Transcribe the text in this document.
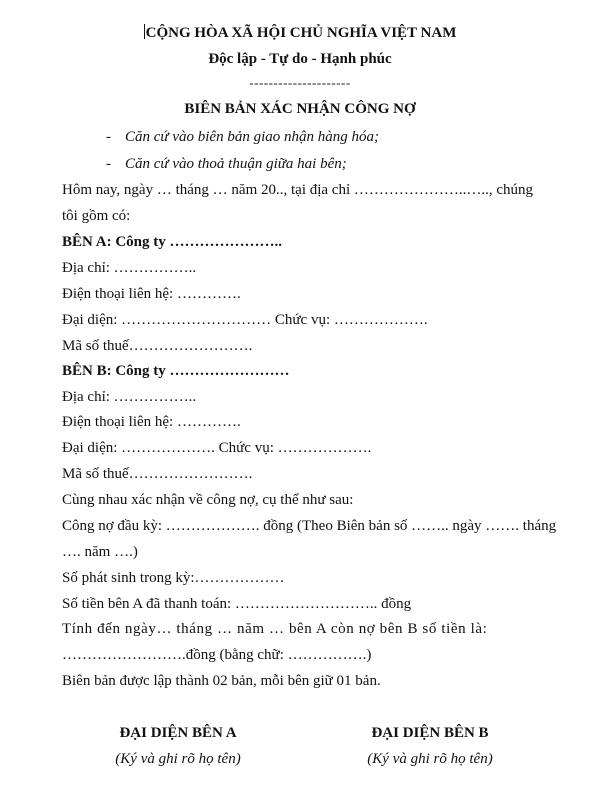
CỘNG HÒA XÃ HỘI CHỦ NGHĨA VIỆT NAM
Độc lập - Tự do - Hạnh phúc
---------------------
BIÊN BẢN XÁC NHẬN CÔNG NỢ
- Căn cứ vào biên bản giao nhận hàng hóa;
- Căn cứ vào thoả thuận giữa hai bên;
Hôm nay, ngày … tháng … năm 20.., tại địa chỉ …………………..….., chúng
tôi gồm có:
BÊN A: Công ty …………………..
Địa chỉ: ……………..
Điện thoại liên hệ: ………….
Đại diện: ………………………… Chức vụ: ……………….
Mã số thuế…………………….
BÊN B: Công ty ……………………
Địa chỉ: ……………..
Điện thoại liên hệ: ………….
Đại diện: ………………. Chức vụ: ……………….
Mã số thuế…………………….
Cùng nhau xác nhận về công nợ, cụ thể như sau:
Công nợ đầu kỳ: ………………. đồng (Theo Biên bản số …….. ngày ……. tháng
…. năm ….)
Số phát sinh trong kỳ:………………
Số tiền bên A đã thanh toán: ……………………….. đồng
Tính đến ngày… tháng … năm … bên A còn nợ bên B số tiền là:
…………………….đồng (bằng chữ: …………….)
Biên bản được lập thành 02 bản, mỗi bên giữ 01 bản.
ĐẠI DIỆN BÊN A
(Ký và ghi rõ họ tên)
ĐẠI DIỆN BÊN B
(Ký và ghi rõ họ tên)
